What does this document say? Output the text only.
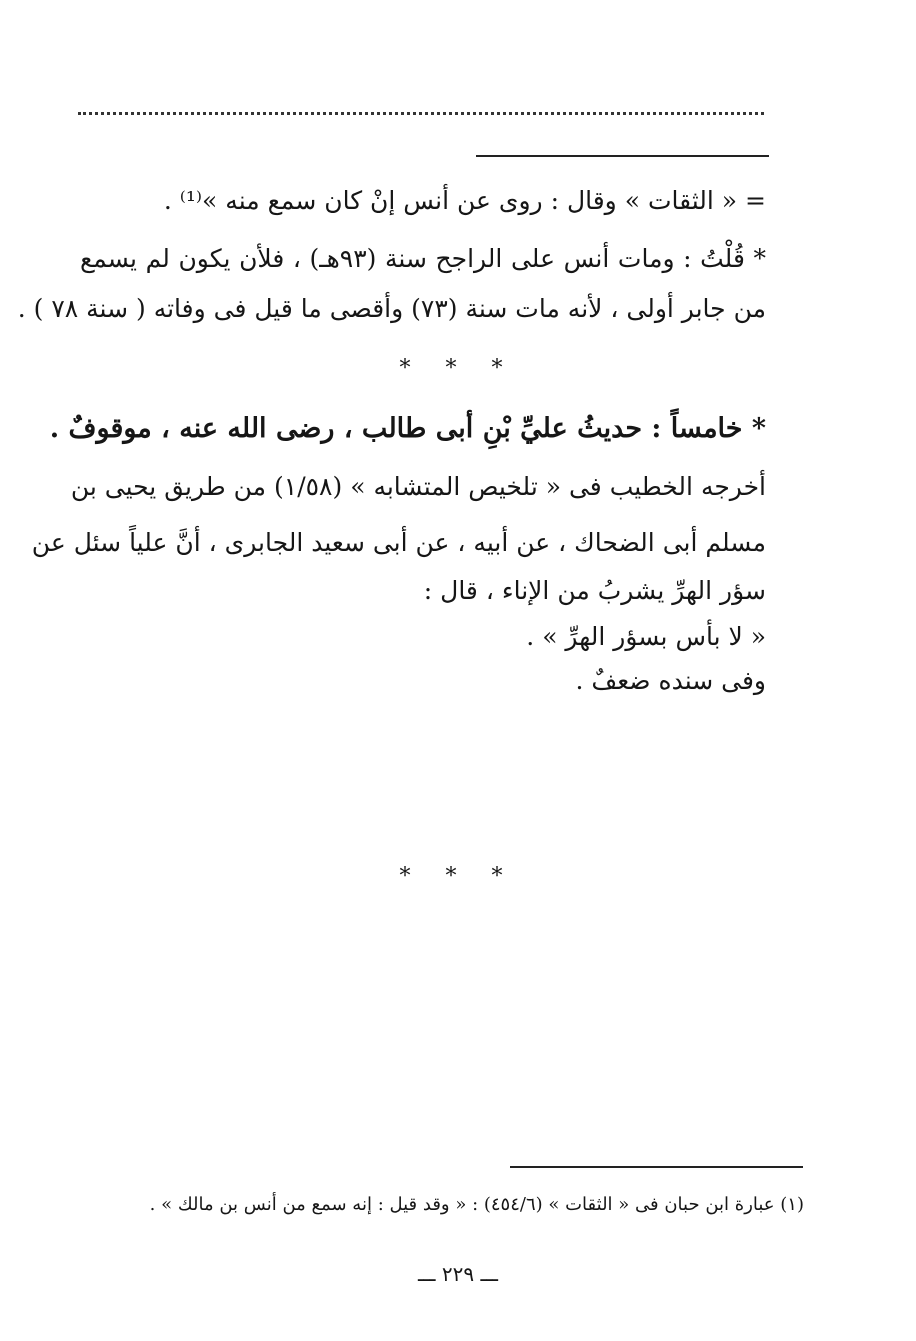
= « الثقات » وقال : روى عن أنس إنْ كان سمع منه »⁽¹⁾ .
* قُلْتُ : ومات أنس على الراجح سنة (٩٣هـ) ، فلأن يكون لم يسمع
من جابر أولى ، لأنه مات سنة (٧٣) وأقصى ما قيل فى وفاته ( سنة ٧٨ ) .
* * *
* خامساً : حديثُ عليِّ بْنِ أبى طالب ، رضى الله عنه ، موقوفٌ .
أخرجه الخطيب فى « تلخيص المتشابه » (١/٥٨) من طريق يحيى بن
مسلم أبى الضحاك ، عن أبيه ، عن أبى سعيد الجابرى ، أنَّ علياً سئل عن
سؤر الهرِّ يشربُ من الإناء ، قال :
« لا بأس بسؤر الهرِّ » .
وفى سنده ضعفٌ .
* * *
(١) عبارة ابن حبان فى « الثقات » (٤٥٤/٦) : « وقد قيل : إنه سمع من أنس بن مالك » .
ـــ ٢٢٩ ـــ
